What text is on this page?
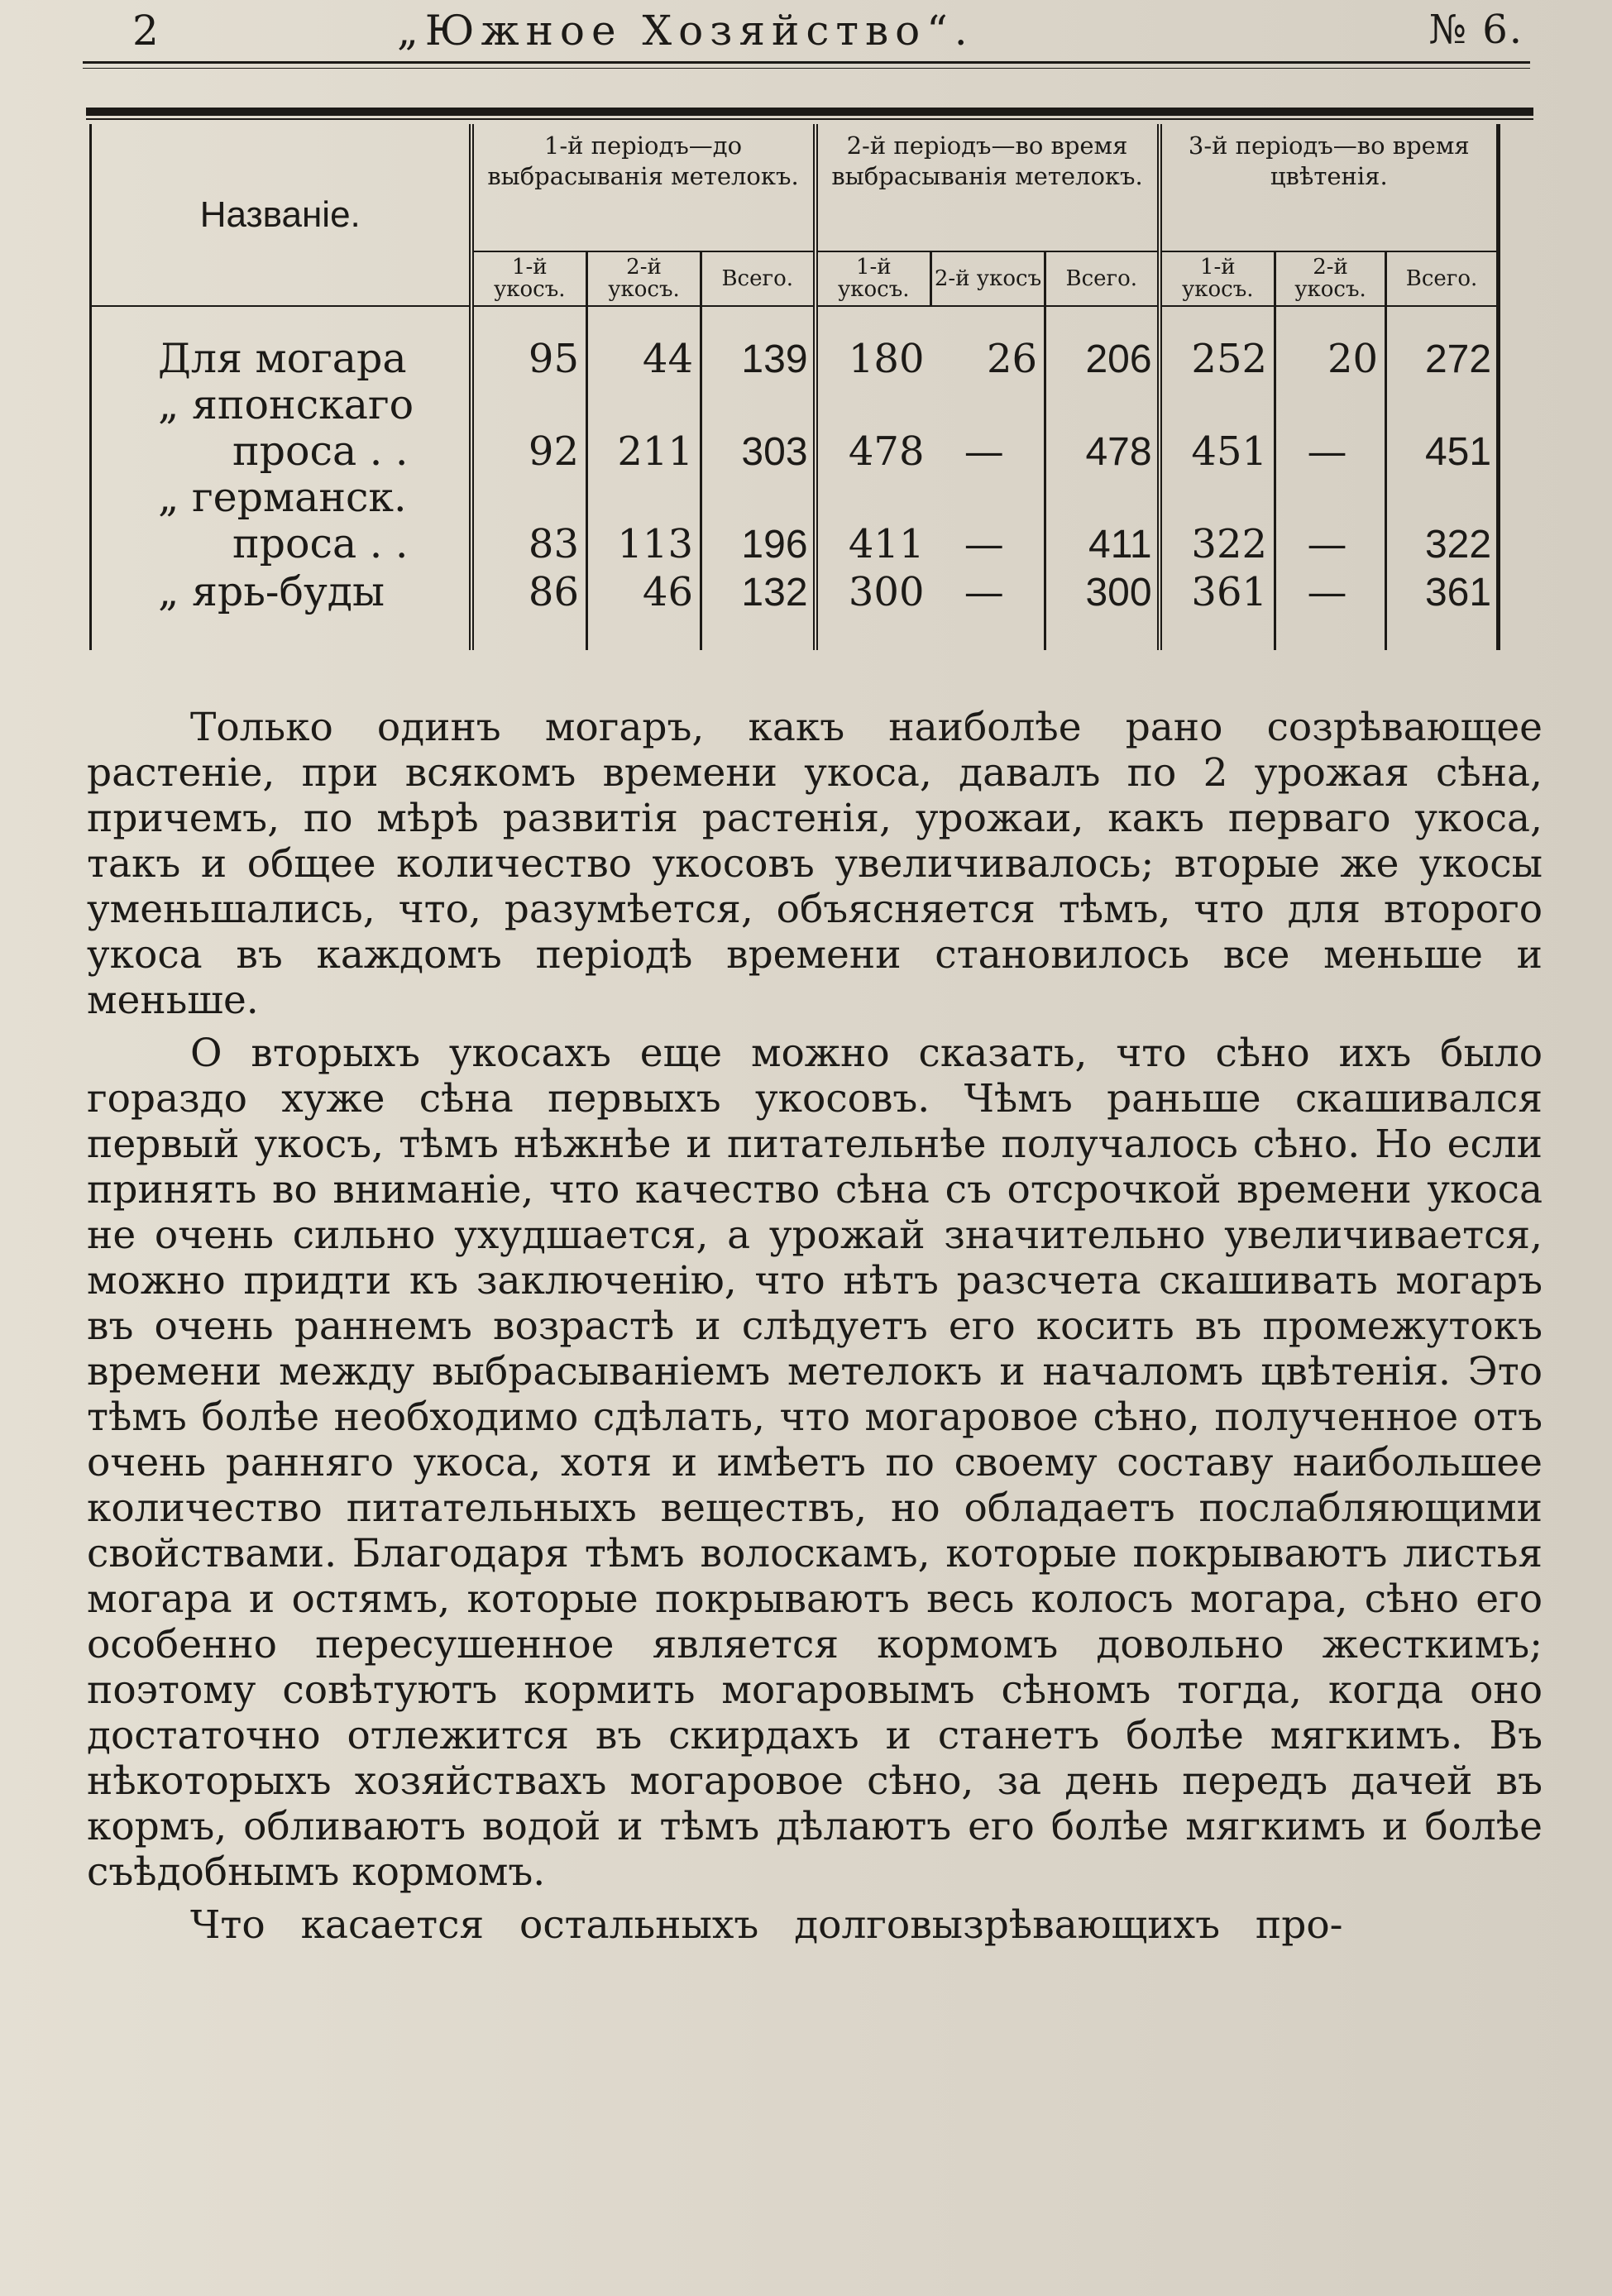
2	„Южное Хозяйство“.	№ 6.
Названіе.	1-й періодъ—до выбрасыванія метелокъ.			2-й періодъ—во время выбрасыванія метелокъ.			3-й періодъ—во время цвѣтенія.		
	1-й укосъ.	2-й укосъ.	Всего.	1-й укосъ.	2-й укосъ	Всего.	1-й укосъ.	2-й укосъ.	Всего.
Для могара	95	44	139	180	26	206	252	20	272

„ японскаго
проса . .	92	211	303	478	—	478	451	—	451

„ германск.
проса . .	83	113	196	411	—	411	322	—	322
„ ярь-буды	86	46	132	300	—	300	361	—	361

Только одинъ могаръ, какъ наиболѣе рано созрѣвающее растеніе, при всякомъ времени укоса, давалъ по 2 урожая сѣна, причемъ, по мѣрѣ развитія растенія, урожаи, какъ перваго укоса, такъ и общее количество укосовъ увеличивалось; вторые же укосы уменьшались, что, разумѣется, объясняется тѣмъ, что для второго укоса въ каждомъ періодѣ времени становилось все меньше и меньше.

О вторыхъ укосахъ еще можно сказать, что сѣно ихъ было гораздо хуже сѣна первыхъ укосовъ. Чѣмъ раньше скашивался первый укосъ, тѣмъ нѣжнѣе и питательнѣе получалось сѣно. Но если принять во вниманіе, что качество сѣна съ отсрочкой времени укоса не очень сильно ухудшается, а урожай значительно увеличивается, можно придти къ заключенію, что нѣтъ разсчета скашивать могаръ въ очень раннемъ возрастѣ и слѣдуетъ его косить въ промежутокъ времени между выбрасываніемъ метелокъ и началомъ цвѣтенія. Это тѣмъ болѣе необходимо сдѣлать, что могаровое сѣно, полученное отъ очень ранняго укоса, хотя и имѣетъ по своему составу наибольшее количество питательныхъ веществъ, но обладаетъ послабляющими свойствами. Благодаря тѣмъ волоскамъ, которые покрываютъ листья могара и остямъ, которые покрываютъ весь колосъ могара, сѣно его особенно пересушенное является кормомъ довольно жесткимъ; поэтому совѣтуютъ кормить могаровымъ сѣномъ тогда, когда оно достаточно отлежится въ скирдахъ и станетъ болѣе мягкимъ. Въ нѣкоторыхъ хозяйствахъ могаровое сѣно, за день передъ дачей въ кормъ, обливаютъ водой и тѣмъ дѣлаютъ его болѣе мягкимъ и болѣе съѣдобнымъ кормомъ.

Что касается остальныхъ долговызрѣвающихъ про-
